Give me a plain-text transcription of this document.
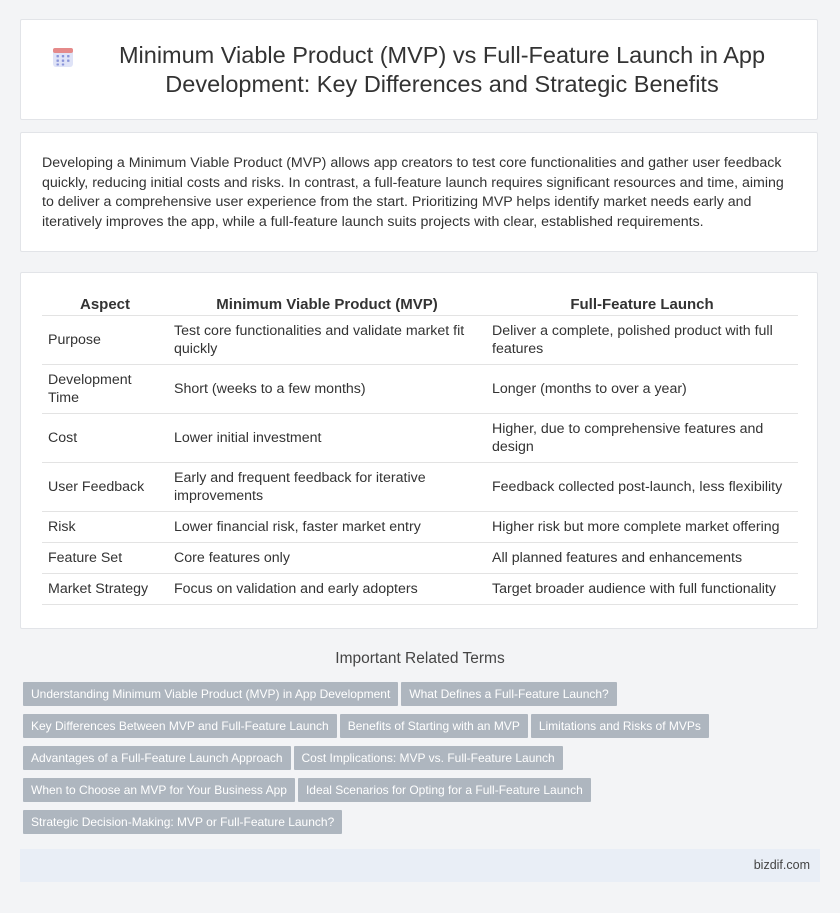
Minimum Viable Product (MVP) vs Full-Feature Launch in App Development: Key Differences and Strategic Benefits

Developing a Minimum Viable Product (MVP) allows app creators to test core functionalities and gather user feedback quickly, reducing initial costs and risks. In contrast, a full-feature launch requires significant resources and time, aiming to deliver a comprehensive user experience from the start. Prioritizing MVP helps identify market needs early and iteratively improves the app, while a full-feature launch suits projects with clear, established requirements.

Aspect	Minimum Viable Product (MVP)	Full-Feature Launch
Purpose	Test core functionalities and validate market fit quickly	Deliver a complete, polished product with full features
Development Time	Short (weeks to a few months)	Longer (months to over a year)
Cost	Lower initial investment	Higher, due to comprehensive features and design
User Feedback	Early and frequent feedback for iterative improvements	Feedback collected post-launch, less flexibility
Risk	Lower financial risk, faster market entry	Higher risk but more complete market offering
Feature Set	Core features only	All planned features and enhancements
Market Strategy	Focus on validation and early adopters	Target broader audience with full functionality
Important Related Terms
Understanding Minimum Viable Product (MVP) in App Development What Defines a Full-Feature Launch?
Key Differences Between MVP and Full-Feature Launch Benefits of Starting with an MVP Limitations and Risks of MVPs
Advantages of a Full-Feature Launch Approach Cost Implications: MVP vs. Full-Feature Launch
When to Choose an MVP for Your Business App Ideal Scenarios for Opting for a Full-Feature Launch
Strategic Decision-Making: MVP or Full-Feature Launch?
bizdif.com
